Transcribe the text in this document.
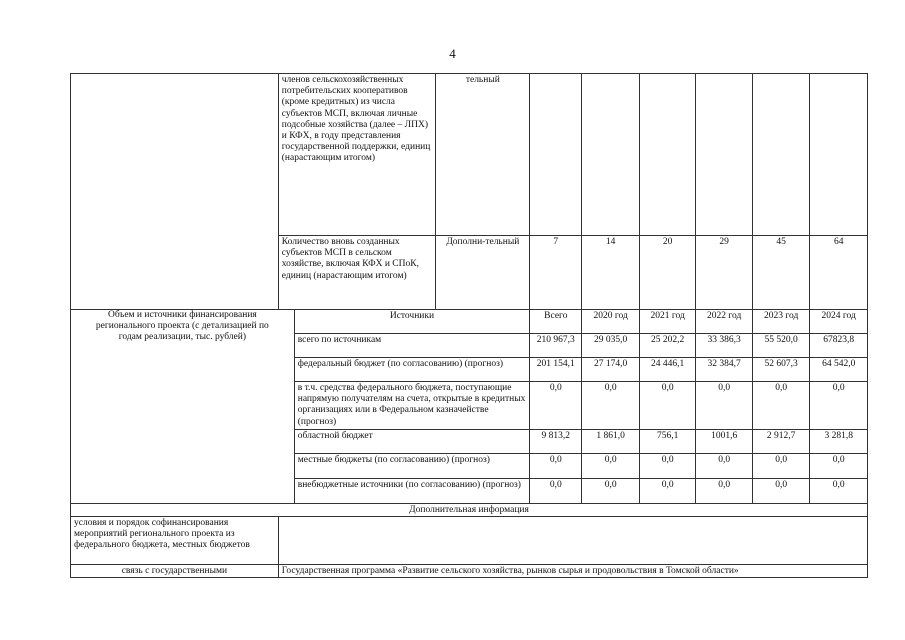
4
	членов сельскохозяйственных потребительских кооперативов (кроме кредитных) из числа субъектов МСП, включая личные подсобные хозяйства (далее – ЛПХ) и КФХ, в году представления государственной поддержки, единиц (нарастающим итогом)		тельный						
	Количество вновь созданных субъектов МСП в сельском хозяйстве, включая КФХ и СПоК, единиц (нарастающим итогом)		Дополни-тельный	7	14	20	29	45	64
Объем и источники финансирования регионального проекта (с детализацией по годам реализации, тыс. рублей)		Источники		Всего	2020 год	2021 год	2022 год	2023 год	2024 год
		всего по источникам		210 967,3	29 035,0	25 202,2	33 386,3	55 520,0	67823,8
		федеральный бюджет (по согласованию) (прогноз)		201 154,1	27 174,0	24 446,1	32 384,7	52 607,3	64 542,0
		в т.ч. средства федерального бюджета, поступающие напрямую получателям на счета, открытые в кредитных организациях или в Федеральном казначействе (прогноз)		0,0	0,0	0,0	0,0	0,0	0,0
		областной бюджет		9 813,2	1 861,0	756,1	1001,6	2 912,7	3 281,8
		местные бюджеты (по согласованию) (прогноз)		0,0	0,0	0,0	0,0	0,0	0,0
		внебюджетные источники (по согласованию) (прогноз)		0,0	0,0	0,0	0,0	0,0	0,0
Дополнительная информация									
условия и порядок софинансирования мероприятий регионального проекта из федерального бюджета, местных бюджетов									
связь с государственными	Государственная программа «Развитие сельского хозяйства, рынков сырья и продовольствия в Томской области»								
